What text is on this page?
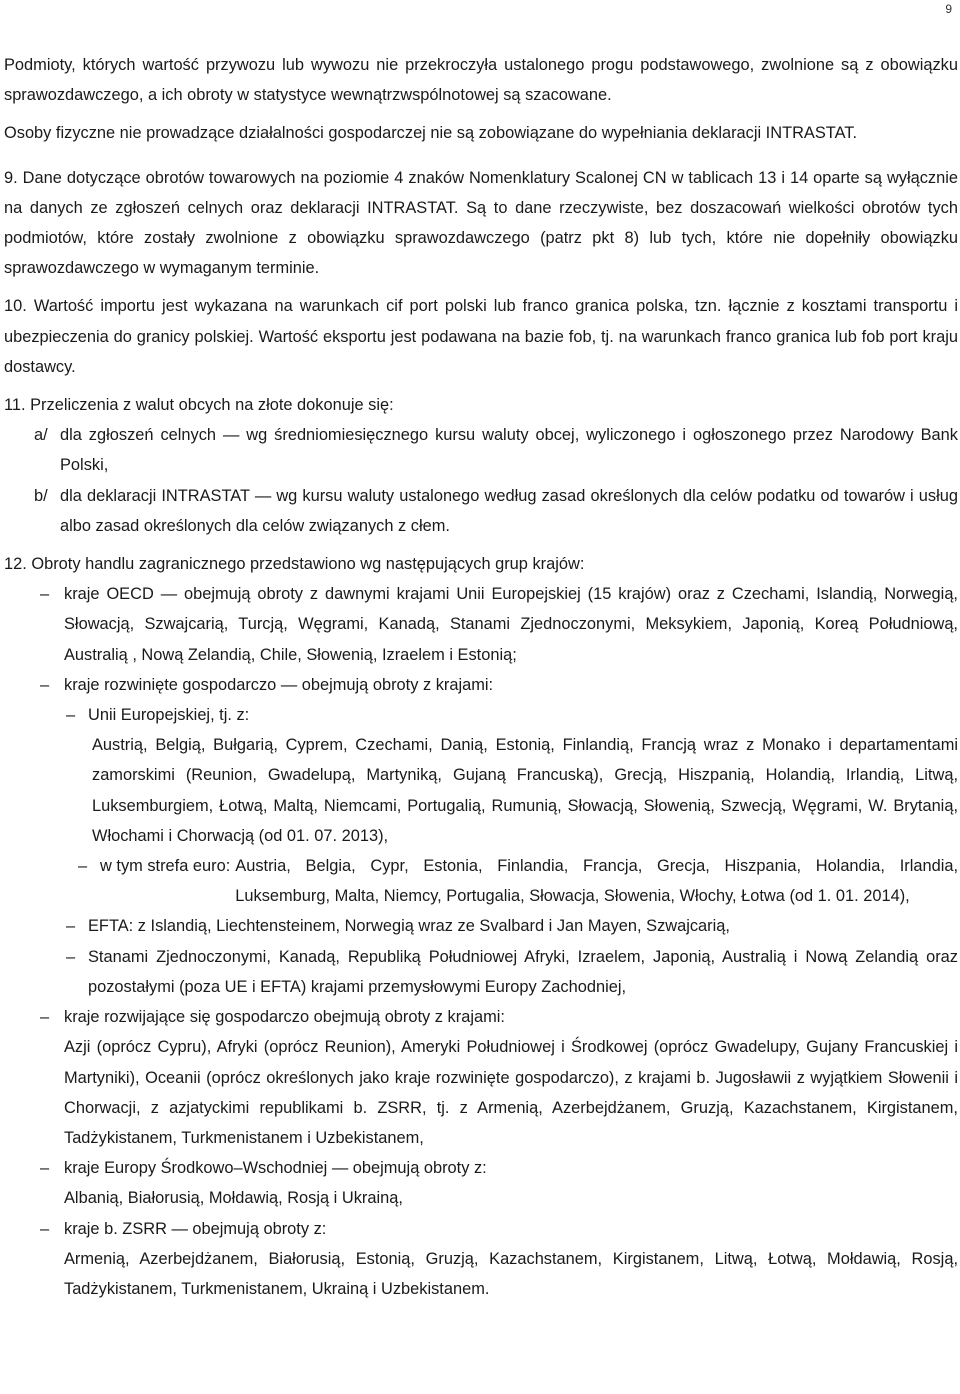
9

Podmioty, których wartość przywozu lub wywozu nie przekroczyła ustalonego progu podstawowego, zwolnione są z obowiązku sprawozdawczego, a ich obroty w statystyce wewnątrzwspólnotowej są szacowane.

Osoby fizyczne nie prowadzące działalności gospodarczej nie są zobowiązane do wypełniania deklaracji INTRASTAT.

9. Dane dotyczące obrotów towarowych na poziomie 4 znaków Nomenklatury Scalonej CN w tablicach 13 i 14 oparte są wyłącznie na danych ze zgłoszeń celnych oraz deklaracji INTRASTAT. Są to dane rzeczywiste, bez doszacowań wielkości obrotów tych podmiotów, które zostały zwolnione z obowiązku sprawozdawczego (patrz pkt 8) lub tych, które nie dopełniły obowiązku sprawozdawczego w wymaganym terminie.

10. Wartość importu jest wykazana na warunkach cif port polski lub franco granica polska, tzn. łącznie z kosztami transportu i ubezpieczenia do granicy polskiej. Wartość eksportu jest podawana na bazie fob, tj. na warunkach franco granica lub fob port kraju dostawcy.

11. Przeliczenia z walut obcych na złote dokonuje się:

a/ dla zgłoszeń celnych — wg średniomiesięcznego kursu waluty obcej, wyliczonego i ogłoszonego przez Narodowy Bank Polski,
b/ dla deklaracji INTRASTAT — wg kursu waluty ustalonego według zasad określonych dla celów podatku od towarów i usług albo zasad określonych dla celów związanych z cłem.

12. Obroty handlu zagranicznego przedstawiono wg następujących grup krajów:

– kraje OECD — obejmują obroty z dawnymi krajami Unii Europejskiej (15 krajów) oraz z Czechami, Islandią, Norwegią, Słowacją, Szwajcarią, Turcją, Węgrami, Kanadą, Stanami Zjednoczonymi, Meksykiem, Japonią, Koreą Południową, Australią , Nową Zelandią, Chile, Słowenią, Izraelem i Estonią;
– kraje rozwinięte gospodarczo — obejmują obroty z krajami:
– Unii Europejskiej, tj. z:

Austrią, Belgią, Bułgarią, Cyprem, Czechami, Danią, Estonią, Finlandią, Francją wraz z Monako i departamentami zamorskimi (Reunion, Gwadelupą, Martyniką, Gujaną Francuską), Grecją, Hiszpanią, Holandią, Irlandią, Litwą, Luksemburgiem, Łotwą, Maltą, Niemcami, Portugalią, Rumunią, Słowacją, Słowenią, Szwecją, Węgrami, W. Brytanią, Włochami i Chorwacją (od 01. 07. 2013),

– w tym strefa euro: Austria, Belgia, Cypr, Estonia, Finlandia, Francja, Grecja, Hiszpania, Holandia, Irlandia, Luksemburg, Malta, Niemcy, Portugalia, Słowacja, Słowenia, Włochy, Łotwa (od 1. 01. 2014),
– EFTA: z Islandią, Liechtensteinem, Norwegią wraz ze Svalbard i Jan Mayen, Szwajcarią,
– Stanami Zjednoczonymi, Kanadą, Republiką Południowej Afryki, Izraelem, Japonią, Australią i Nową Zelandią oraz pozostałymi (poza UE i EFTA) krajami przemysłowymi Europy Zachodniej,
– kraje rozwijające się gospodarczo obejmują obroty z krajami:

Azji (oprócz Cypru), Afryki (oprócz Reunion), Ameryki Południowej i Środkowej (oprócz Gwadelupy, Gujany Francuskiej i Martyniki), Oceanii (oprócz określonych jako kraje rozwinięte gospodarczo), z krajami b. Jugosławii z wyjątkiem Słowenii i Chorwacji, z azjatyckimi republikami b. ZSRR, tj. z Armenią, Azerbejdżanem, Gruzją, Kazachstanem, Kirgistanem, Tadżykistanem, Turkmenistanem i Uzbekistanem,

– kraje Europy Środkowo–Wschodniej — obejmują obroty z:

Albanią, Białorusią, Mołdawią, Rosją i Ukrainą,

– kraje b. ZSRR — obejmują obroty z:

Armenią, Azerbejdżanem, Białorusią, Estonią, Gruzją, Kazachstanem, Kirgistanem, Litwą, Łotwą, Mołdawią, Rosją, Tadżykistanem, Turkmenistanem, Ukrainą i Uzbekistanem.
